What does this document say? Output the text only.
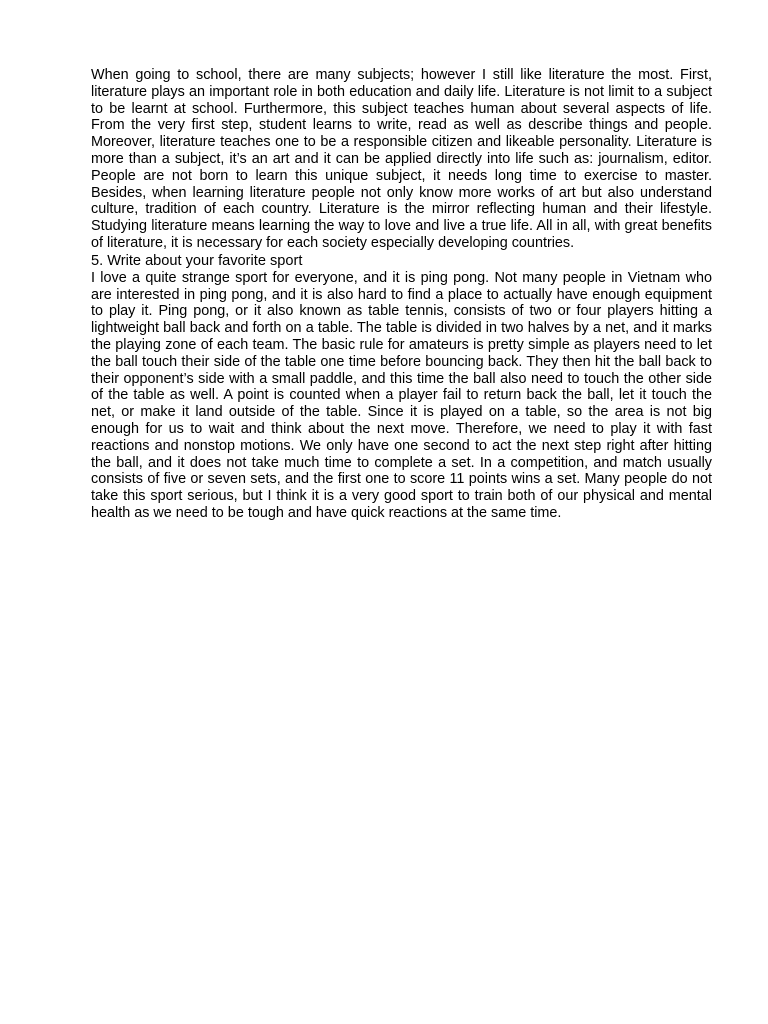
When going to school, there are many subjects; however I still like literature the most. First, literature plays an important role in both education and daily life. Literature is not limit to a subject to be learnt at school. Furthermore, this subject teaches human about several aspects of life. From the very first step, student learns to write, read as well as describe things and people. Moreover, literature teaches one to be a responsible citizen and likeable personality. Literature is more than a subject, it’s an art and it can be applied directly into life such as: journalism, editor. People are not born to learn this unique subject, it needs long time to exercise to master. Besides, when learning literature people not only know more works of art but also understand culture, tradition of each country. Literature is the mirror reflecting human and their lifestyle. Studying literature means learning the way to love and live a true life. All in all, with great benefits of literature, it is necessary for each society especially developing countries.

5. Write about your favorite sport

I love a quite strange sport for everyone, and it is ping pong. Not many people in Vietnam who are interested in ping pong, and it is also hard to find a place to actually have enough equipment to play it. Ping pong, or it also known as table tennis, consists of two or four players hitting a lightweight ball back and forth on a table. The table is divided in two halves by a net, and it marks the playing zone of each team. The basic rule for amateurs is pretty simple as players need to let the ball touch their side of the table one time before bouncing back. They then hit the ball back to their opponent’s side with a small paddle, and this time the ball also need to touch the other side of the table as well. A point is counted when a player fail to return back the ball, let it touch the net, or make it land outside of the table. Since it is played on a table, so the area is not big enough for us to wait and think about the next move. Therefore, we need to play it with fast reactions and nonstop motions. We only have one second to act the next step right after hitting the ball, and it does not take much time to complete a set. In a competition, and match usually consists of five or seven sets, and the first one to score 11 points wins a set. Many people do not take this sport serious, but I think it is a very good sport to train both of our physical and mental health as we need to be tough and have quick reactions at the same time.
